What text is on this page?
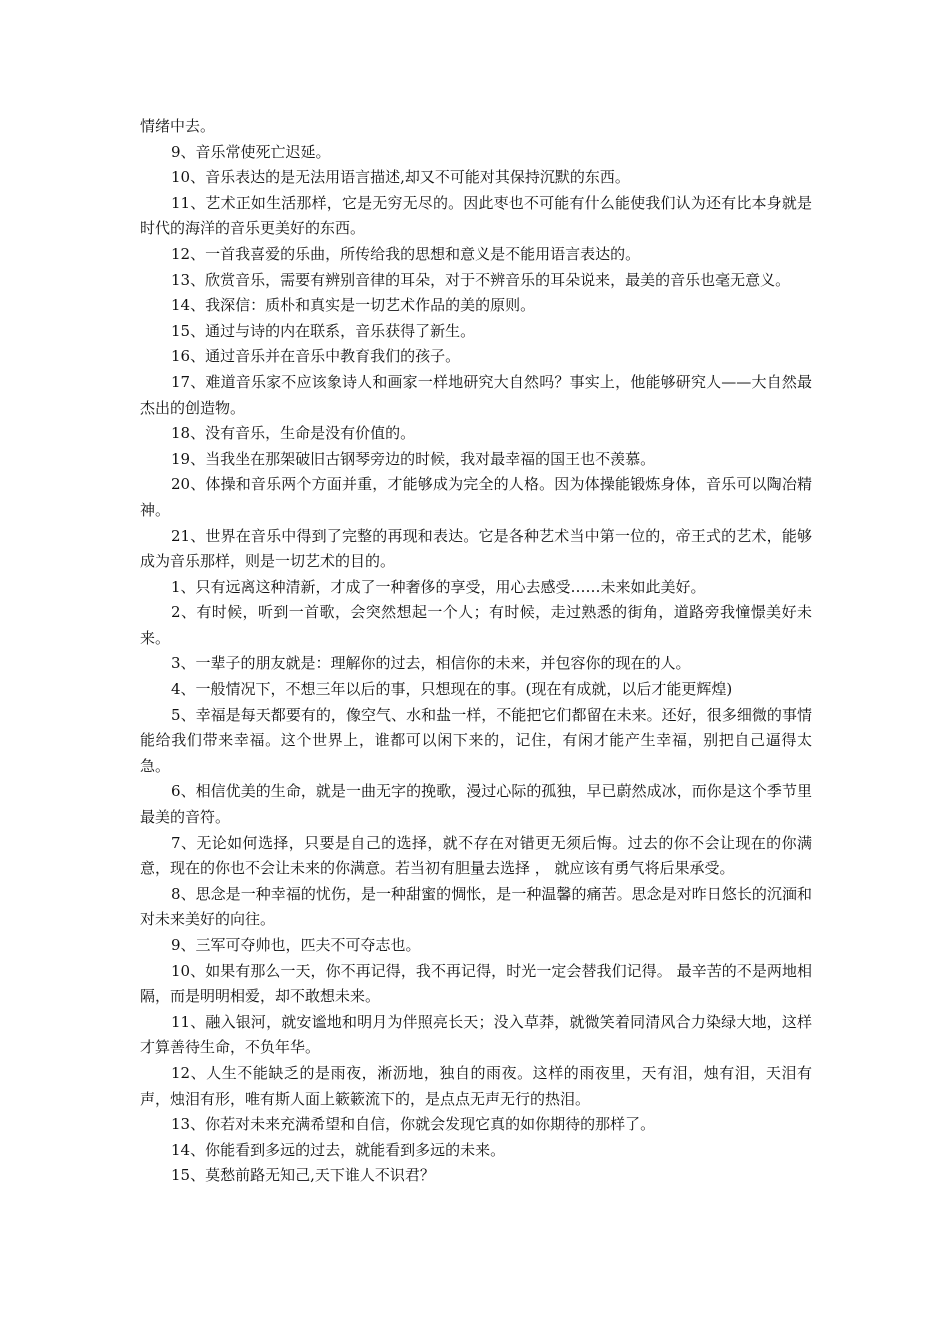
情绪中去。

9、音乐常使死亡迟延。

10、音乐表达的是无法用语言描述,却又不可能对其保持沉默的东西。

11、艺术正如生活那样，它是无穷无尽的。因此枣也不可能有什么能使我们认为还有比本身就是时代的海洋的音乐更美好的东西。

12、一首我喜爱的乐曲，所传给我的思想和意义是不能用语言表达的。

13、欣赏音乐，需要有辨别音律的耳朵，对于不辨音乐的耳朵说来，最美的音乐也毫无意义。

14、我深信：质朴和真实是一切艺术作品的美的原则。

15、通过与诗的内在联系，音乐获得了新生。

16、通过音乐并在音乐中教育我们的孩子。

17、难道音乐家不应该象诗人和画家一样地研究大自然吗？事实上，他能够研究人——大自然最杰出的创造物。

18、没有音乐，生命是没有价值的。

19、当我坐在那架破旧古钢琴旁边的时候，我对最幸福的国王也不羡慕。

20、体操和音乐两个方面并重，才能够成为完全的人格。因为体操能锻炼身体，音乐可以陶冶精神。

21、世界在音乐中得到了完整的再现和表达。它是各种艺术当中第一位的，帝王式的艺术，能够成为音乐那样，则是一切艺术的目的。

1、只有远离这种清新，才成了一种奢侈的享受，用心去感受……未来如此美好。

2、有时候，听到一首歌，会突然想起一个人；有时候，走过熟悉的街角，道路旁我憧憬美好未来。

3、一辈子的朋友就是：理解你的过去，相信你的未来，并包容你的现在的人。

4、一般情况下，不想三年以后的事，只想现在的事。(现在有成就，以后才能更辉煌)

5、幸福是每天都要有的，像空气、水和盐一样，不能把它们都留在未来。还好，很多细微的事情能给我们带来幸福。这个世界上，谁都可以闲下来的，记住，有闲才能产生幸福，别把自己逼得太急。

6、相信优美的生命，就是一曲无字的挽歌，漫过心际的孤独，早已蔚然成冰，而你是这个季节里最美的音符。

7、无论如何选择，只要是自己的选择，就不存在对错更无须后悔。过去的你不会让现在的你满意，现在的你也不会让未来的你满意。若当初有胆量去选择 ， 就应该有勇气将后果承受。

8、思念是一种幸福的忧伤，是一种甜蜜的惆怅，是一种温馨的痛苦。思念是对昨日悠长的沉湎和对未来美好的向往。

9、三军可夺帅也，匹夫不可夺志也。

10、如果有那么一天，你不再记得，我不再记得，时光一定会替我们记得。 最辛苦的不是两地相隔，而是明明相爱，却不敢想未来。

11、融入银河，就安谧地和明月为伴照亮长天；没入草莽，就微笑着同清风合力染绿大地，这样才算善待生命，不负年华。

12、人生不能缺乏的是雨夜，淅沥地，独自的雨夜。这样的雨夜里，天有泪，烛有泪，天泪有声，烛泪有形，唯有斯人面上簌簌流下的，是点点无声无行的热泪。

13、你若对未来充满希望和自信，你就会发现它真的如你期待的那样了。

14、你能看到多远的过去，就能看到多远的未来。

15、莫愁前路无知己,天下谁人不识君？
